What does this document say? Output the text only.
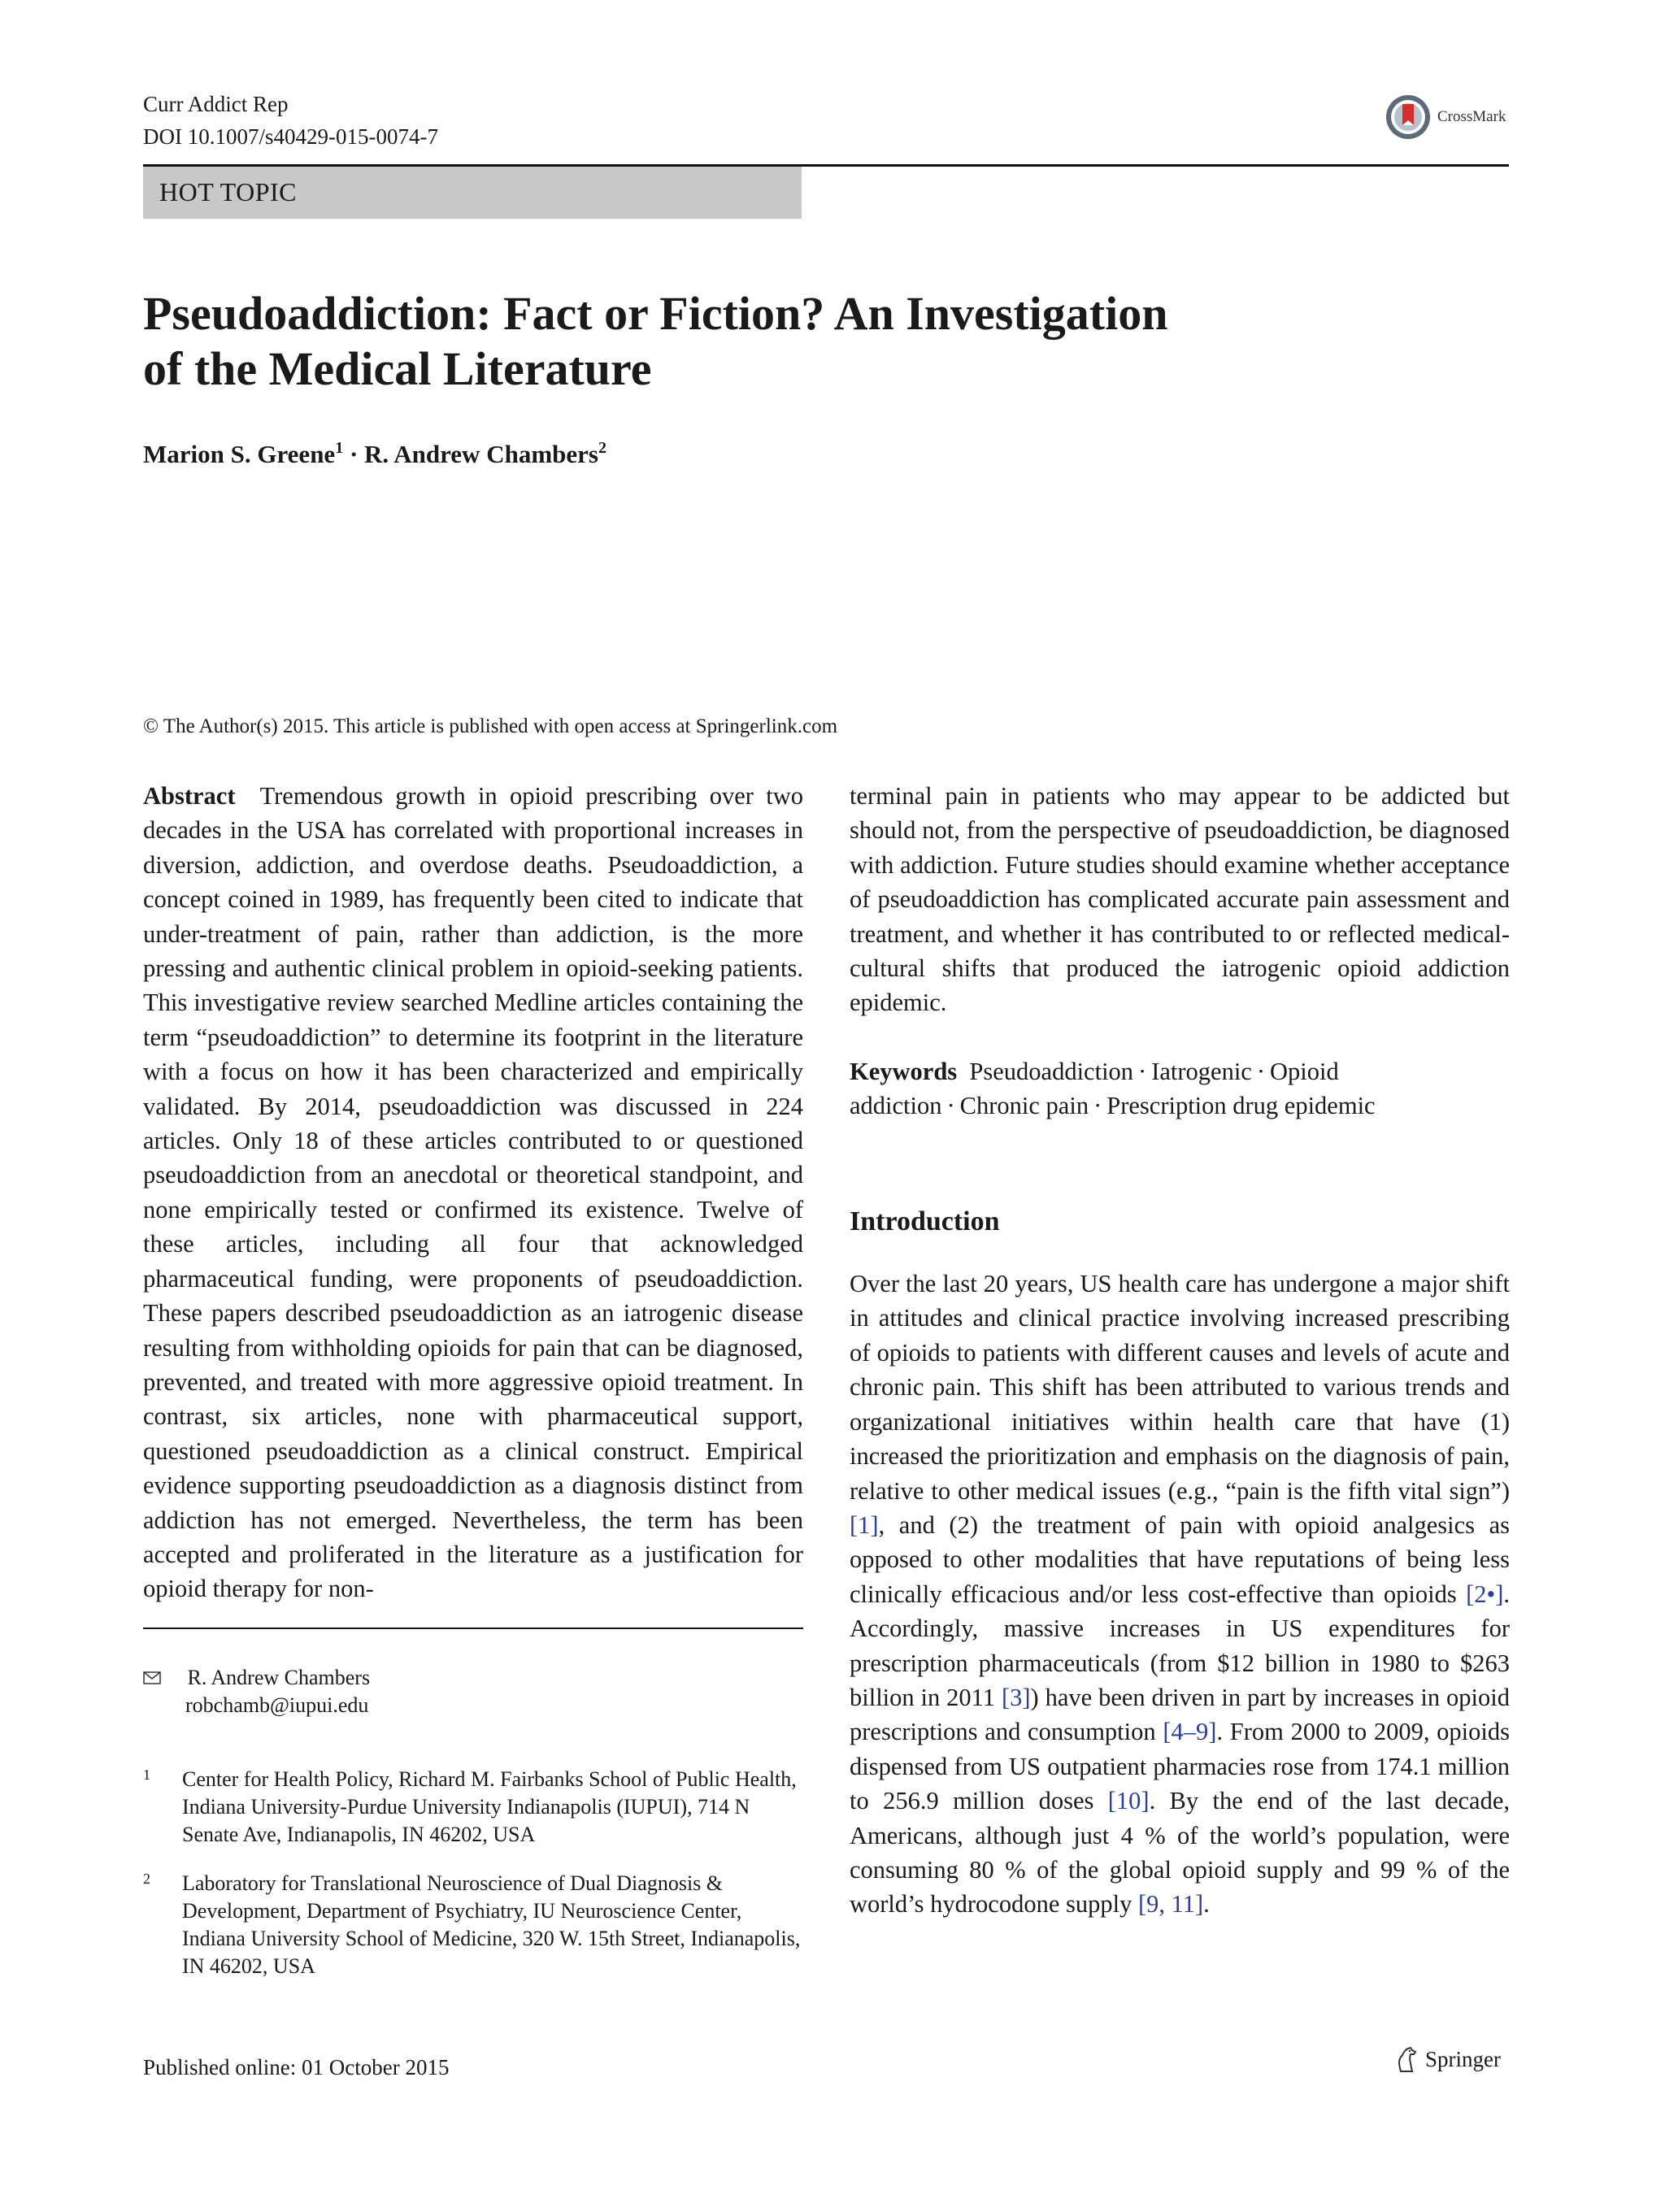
Curr Addict Rep
DOI 10.1007/s40429-015-0074-7
CrossMark
HOT TOPIC
Pseudoaddiction: Fact or Fiction? An Investigation
of the Medical Literature
Marion S. Greene$^1$ · R. Andrew Chambers$^2$
© The Author(s) 2015. This article is published with open access at Springerlink.com

Abstract Tremendous growth in opioid prescribing over two decades in the USA has correlated with proportional increases in diversion, addiction, and overdose deaths. Pseudoaddiction, a concept coined in 1989, has frequently been cited to indicate that under-treatment of pain, rather than addiction, is the more pressing and authentic clinical problem in opioid-seeking patients. This investigative review searched Medline articles containing the term “pseudoaddiction” to determine its footprint in the literature with a focus on how it has been characterized and empirically validated. By 2014, pseudoaddiction was discussed in 224 articles. Only 18 of these articles contributed to or questioned pseudoaddiction from an anecdotal or theoretical standpoint, and none empirically tested or confirmed its existence. Twelve of these articles, including all four that acknowledged pharmaceutical funding, were proponents of pseudoaddiction. These papers described pseudoaddiction as an iatrogenic disease resulting from withholding opioids for pain that can be diagnosed, prevented, and treated with more aggressive opioid treatment. In contrast, six articles, none with pharmaceutical support, questioned pseudoaddiction as a clinical construct. Empirical evidence supporting pseudoaddiction as a diagnosis distinct from addiction has not emerged. Nevertheless, the term has been accepted and proliferated in the literature as a justification for opioid therapy for non-

R. Andrew Chambers
robchamb@iupui.edu
1 Center for Health Policy, Richard M. Fairbanks School of Public Health, Indiana University-Purdue University Indianapolis (IUPUI), 714 N Senate Ave, Indianapolis, IN 46202, USA
2 Laboratory for Translational Neuroscience of Dual Diagnosis & Development, Department of Psychiatry, IU Neuroscience Center, Indiana University School of Medicine, 320 W. 15th Street, Indianapolis, IN 46202, USA

terminal pain in patients who may appear to be addicted but should not, from the perspective of pseudoaddiction, be diagnosed with addiction. Future studies should examine whether acceptance of pseudoaddiction has complicated accurate pain assessment and treatment, and whether it has contributed to or reflected medical-cultural shifts that produced the iatrogenic opioid addiction epidemic.

Keywords Pseudoaddiction · Iatrogenic · Opioid addiction · Chronic pain · Prescription drug epidemic

Introduction

Over the last 20 years, US health care has undergone a major shift in attitudes and clinical practice involving increased prescribing of opioids to patients with different causes and levels of acute and chronic pain. This shift has been attributed to various trends and organizational initiatives within health care that have (1) increased the prioritization and emphasis on the diagnosis of pain, relative to other medical issues (e.g., “pain is the fifth vital sign”) [1], and (2) the treatment of pain with opioid analgesics as opposed to other modalities that have reputations of being less clinically efficacious and/or less cost-effective than opioids [2•]. Accordingly, massive increases in US expenditures for prescription pharmaceuticals (from $12 billion in 1980 to $263 billion in 2011 [3]) have been driven in part by increases in opioid prescriptions and consumption [4–9]. From 2000 to 2009, opioids dispensed from US outpatient pharmacies rose from 174.1 million to 256.9 million doses [10]. By the end of the last decade, Americans, although just 4 % of the world’s population, were consuming 80 % of the global opioid supply and 99 % of the world’s hydrocodone supply [9, 11].

Published online: 01 October 2015	Springer
